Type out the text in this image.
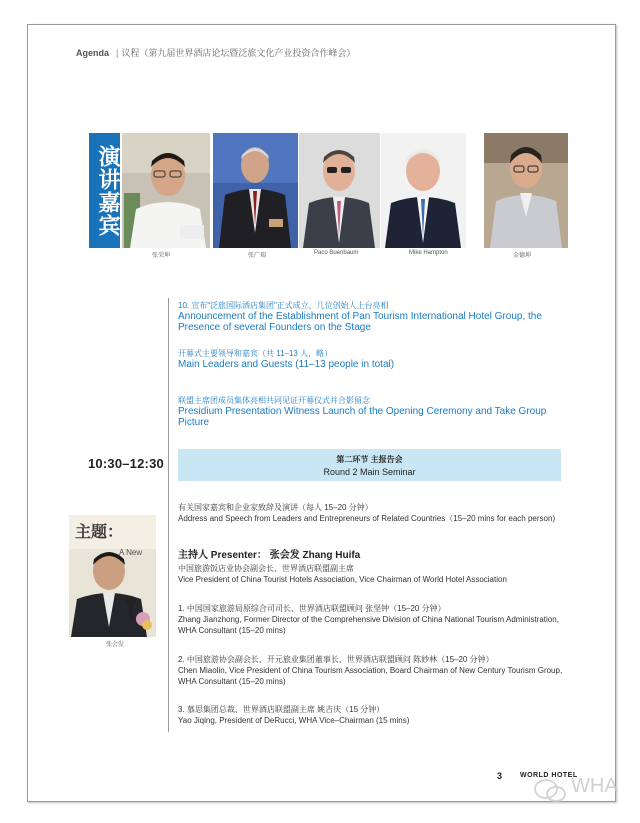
Agenda | 议程（第九届世界酒店论坛暨泛旅文化产业投资合作峰会）
演讲嘉宾
张荣坤	张广瑞	Paco Buenbaum	Mike Hampton	金德坤
10. 宣布“泛旅国际酒店集团”正式成立，几位创始人上台亮相
Announcement of the Establishment of Pan Tourism International Hotel Group, the Presence of several Founders on the Stage
开幕式主要领导和嘉宾（共 11–13 人，略）
Main Leaders and Guests (11–13 people in total)
联盟主席团成员集体亮相共同见证开幕仪式并合影留念
Presidium Presentation Witness Launch of the Opening Ceremony and Take Group Picture
10:30–12:30	第二环节 主报告会
Round 2 Main Seminar
有关国家嘉宾和企业家致辞及演讲（每人 15–20 分钟）
Address and Speech from Leaders and Entrepreneurs of Related Countries（15–20 mins for each person)
主持人 Presenter： 张会发 Zhang Huifa
中国旅游饭店业协会副会长、世界酒店联盟副主席
Vice President of China Tourist Hotels Association, Vice Chairman of World Hotel Association
1. 中国国家旅游局原综合司司长、世界酒店联盟顾问 张坚钟（15–20 分钟）
Zhang Jianzhong, Former Director of the Comprehensive Division of China National Tourism Administration, WHA Consultant (15–20 mins)
2. 中国旅游协会副会长、开元旅业集团董事长、世界酒店联盟顾问 陈妙林（15–20 分钟）
Chen Miaolin, Vice President of China Tourism Association, Board Chairman of New Century Tourism Group, WHA Consultant (15–20 mins)
3. 慕思集团总裁、世界酒店联盟副主席 姚吉庆（15 分钟）
Yao Jiqing, President of DeRucci, WHA Vice–Chairman (15 mins)
主题：
A New
张会发
3	WORLD HOTEL
WHA
